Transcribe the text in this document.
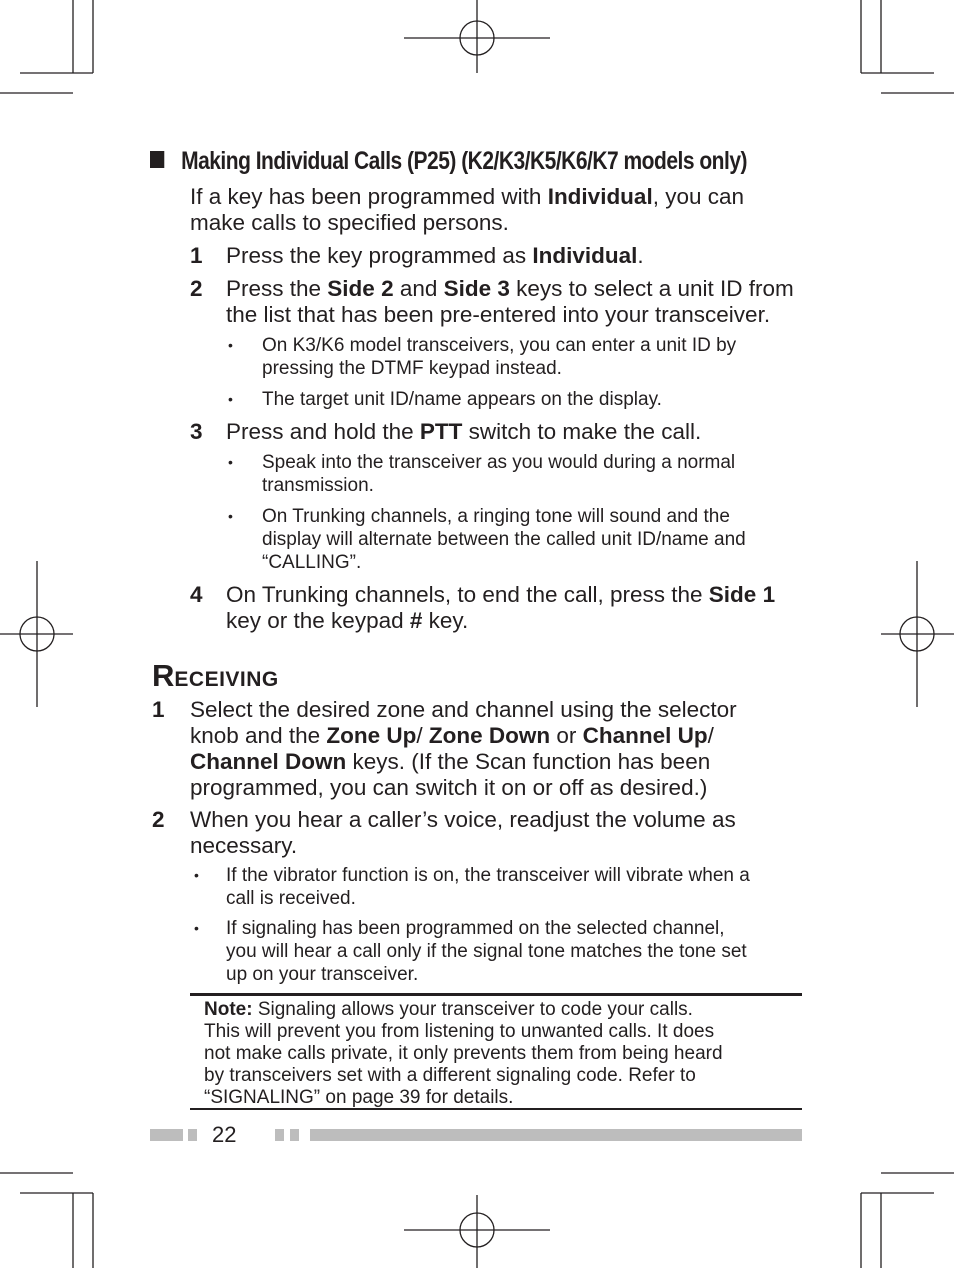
Making Individual Calls (P25) (K2/K3/K5/K6/K7 models only)
If a key has been programmed with Individual, you can
make calls to specified persons.
1 Press the key programmed as Individual.
2 Press the Side 2 and Side 3 keys to select a unit ID from
the list that has been pre-entered into your transceiver.
• On K3/K6 model transceivers, you can enter a unit ID by
pressing the DTMF keypad instead.
• The target unit ID/name appears on the display.
3 Press and hold the PTT switch to make the call.
• Speak into the transceiver as you would during a normal
transmission.
• On Trunking channels, a ringing tone will sound and the
display will alternate between the called unit ID/name and
“CALLING”.
4 On Trunking channels, to end the call, press the Side 1
key or the keypad # key.
RECEIVING
1 Select the desired zone and channel using the selector
knob and the Zone Up/ Zone Down or Channel Up/
Channel Down keys. (If the Scan function has been
programmed, you can switch it on or off as desired.)
2 When you hear a caller’s voice, readjust the volume as
necessary.
• If the vibrator function is on, the transceiver will vibrate when a
call is received.
• If signaling has been programmed on the selected channel,
you will hear a call only if the signal tone matches the tone set
up on your transceiver.
Note: Signaling allows your transceiver to code your calls.
This will prevent you from listening to unwanted calls. It does
not make calls private, it only prevents them from being heard
by transceivers set with a different signaling code. Refer to
“SIGNALING” on page 39 for details.
22
